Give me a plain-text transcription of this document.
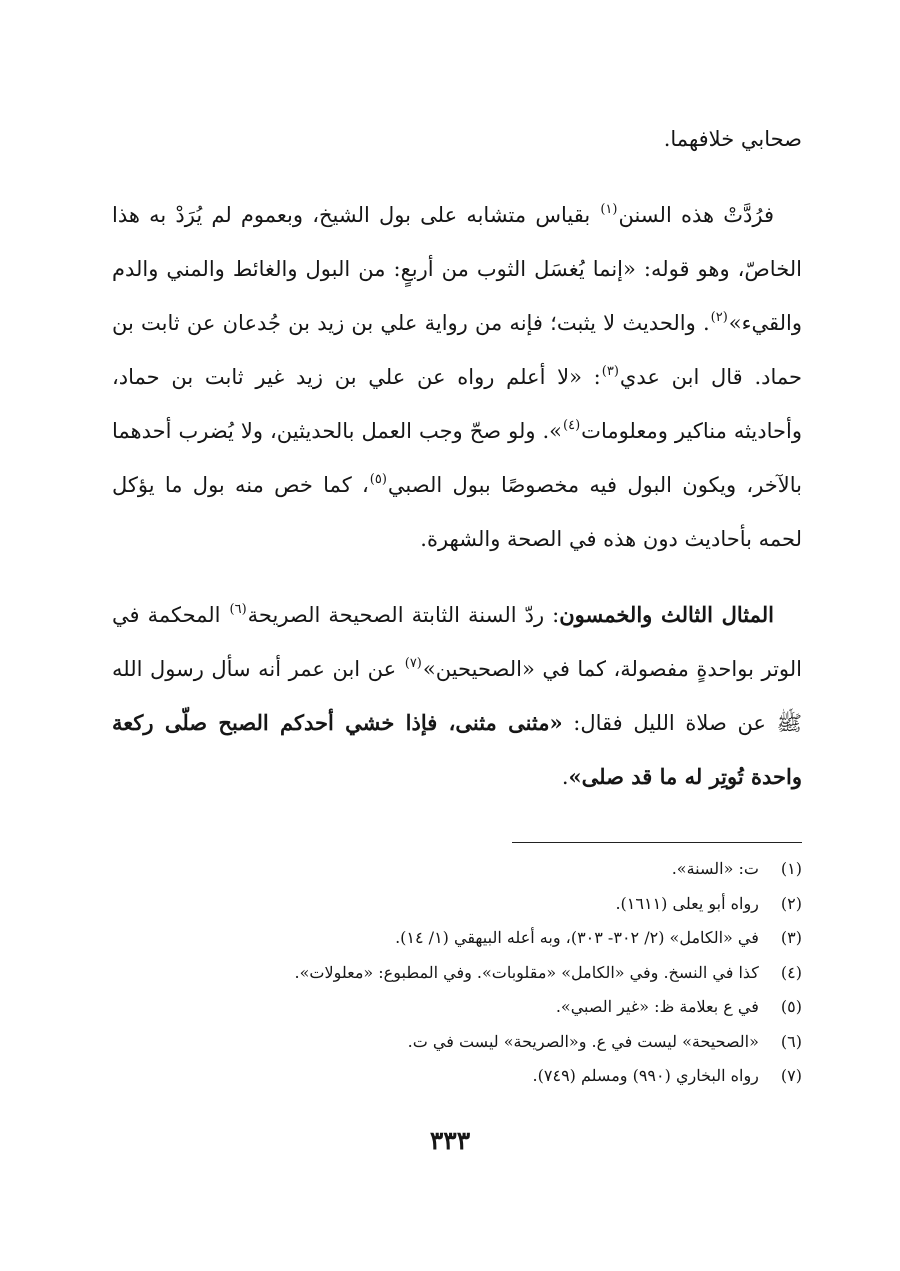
صحابي خلافهما.

فرُدَّتْ هذه السنن$^{(١)}$ بقياس متشابه على بول الشيخ، وبعموم لم يُرَدْ به هذا الخاصّ، وهو قوله: «إنما يُغسَل الثوب من أربعٍ: من البول والغائط والمني والدم والقيء»$^{(٢)}$. والحديث لا يثبت؛ فإنه من رواية علي بن زيد بن جُدعان عن ثابت بن حماد. قال ابن عدي$^{(٣)}$: «لا أعلم رواه عن علي بن زيد غير ثابت بن حماد، وأحاديثه مناكير ومعلومات$^{(٤)}$». ولو صحّ وجب العمل بالحديثين، ولا يُضرب أحدهما بالآخر، ويكون البول فيه مخصوصًا ببول الصبي$^{(٥)}$، كما خص منه بول ما يؤكل لحمه بأحاديث دون هذه في الصحة والشهرة.

المثال الثالث والخمسون: ردّ السنة الثابتة الصحيحة الصريحة$^{(٦)}$ المحكمة في الوتر بواحدةٍ مفصولة، كما في «الصحيحين»$^{(٧)}$ عن ابن عمر أنه سأل رسول الله ﷺ عن صلاة الليل فقال: «مثنى مثنى، فإذا خشي أحدكم الصبح صلّى ركعة واحدة تُوتِر له ما قد صلى».

(١) ت: «السنة».
(٢) رواه أبو يعلى (١٦١١).
(٣) في «الكامل» (٢/ ٣٠٢- ٣٠٣)، وبه أعله البيهقي (١/ ١٤).
(٤) كذا في النسخ. وفي «الكامل» «مقلوبات». وفي المطبوع: «معلولات».
(٥) في ع بعلامة ظ: «غير الصبي».
(٦) «الصحيحة» ليست في ع. و«الصريحة» ليست في ت.
(٧) رواه البخاري (٩٩٠) ومسلم (٧٤٩).
٣٣٣
